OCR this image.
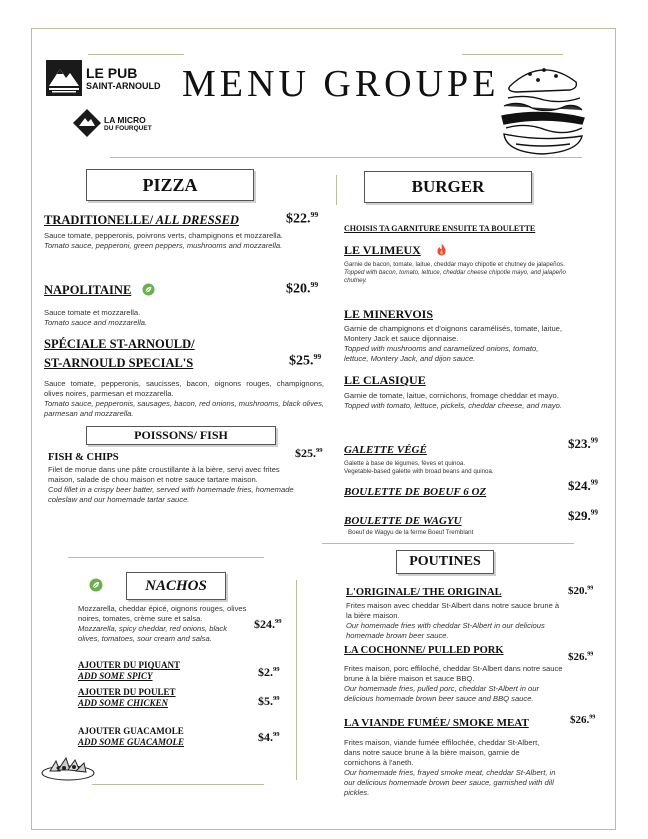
LE PUB
SAINT-ARNOULD
LA MICRO
DU FOURQUET
MENU GROUPE
PIZZA
TRADITIONELLE/ ALL DRESSED	$22.99
Sauce tomate, pepperonis, poivrons verts, champignons et mozzarella.
Tomato sauce, pepperoni, green peppers, mushrooms and mozzarella.
NAPOLITAINE	$20.99
Sauce tomate et mozzarella.
Tomato sauce and mozzarella.
SPÉCIALE ST-ARNOULD/
ST-ARNOULD SPECIAL'S	$25.99
Sauce tomate, pepperonis, saucisses, bacon, oignons rouges, champignons, olives noires, parmesan et mozzarella.
Tomato sauce, pepperonis, sausages, bacon, red onions, mushrooms, black olives, parmesan and mozzarella.
POISSONS/ FISH
FISH & CHIPS	$25.99
Filet de morue dans une pâte croustillante à la bière, servi avec frites maison, salade de chou maison et notre sauce tartare maison.
Cod fillet in a crispy beer batter, served with homemade fries, homemade coleslaw and our homemade tartar sauce.
NACHOS
Mozzarella, cheddar épicé, oignons rouges, olives noires, tomates, crème sure et salsa.
Mozzarella, spicy cheddar, red onions, black olives, tomatoes, sour cream and salsa.
$24.99
AJOUTER DU PIQUANT
ADD SOME SPICY	$2.99
AJOUTER DU POULET
ADD SOME CHICKEN	$5.99
AJOUTER GUACAMOLE
ADD SOME GUACAMOLE	$4.99
BURGER
CHOISIS TA GARNITURE ENSUITE TA BOULETTE
LE VLIMEUX
Garnie de bacon, tomate, laitue, cheddar mayo chipotle et chutney de jalapeños.
Topped with bacon, tomato, lettuce, cheddar cheese chipotle mayo, and jalapeño chutney.
LE MINERVOIS
Garnie de champignons et d'oignons caramélisés, tomate, laitue, Montery Jack et sauce dijonnaise.
Topped with mushrooms and caramelized onions, tomato,
lettuce, Montery Jack, and dijon sauce.
LE CLASIQUE
Garnie de tomate, laitue, cornichons, fromage cheddar et mayo.
Topped with tomato, lettuce, pickels, cheddar cheese, and mayo.
GALETTE VÉGÉ	$23.99
Galette à base de légumes, fèves et quinoa.
Vegetable-based galette with broad beans and quinoa.
BOULETTE DE BOEUF 6 OZ	$24.99
BOULETTE DE WAGYU	$29.99
Boeuf de Wagyu de la ferme Boeuf Tremblant
POUTINES
L'ORIGINALE/ THE ORIGINAL	$20.99
Frites maison avec cheddar St-Albert dans notre sauce brune à la bière maison.
Our homemade fries with cheddar St-Albert in our delicious homemade brown beer sauce.
LA COCHONNE/ PULLED PORK
$26.99
Frites maison, porc effiloché, cheddar St-Albert dans notre sauce brune à la bière maison et sauce BBQ.
Our homemade fries, pulled porc, cheddar St-Albert in our delicious homemade brown beer sauce and BBQ sauce.
LA VIANDE FUMÉE/ SMOKE MEAT	$26.99
Frites maison, viande fumée effilochée, cheddar St-Albert, dans notre sauce brune à la bière maison, garnie de cornichons à l'aneth.
Our homemade fries, frayed smoke meat, cheddar St-Albert, in our delicious homemade brown beer sauce, garnished with dill pickles.
